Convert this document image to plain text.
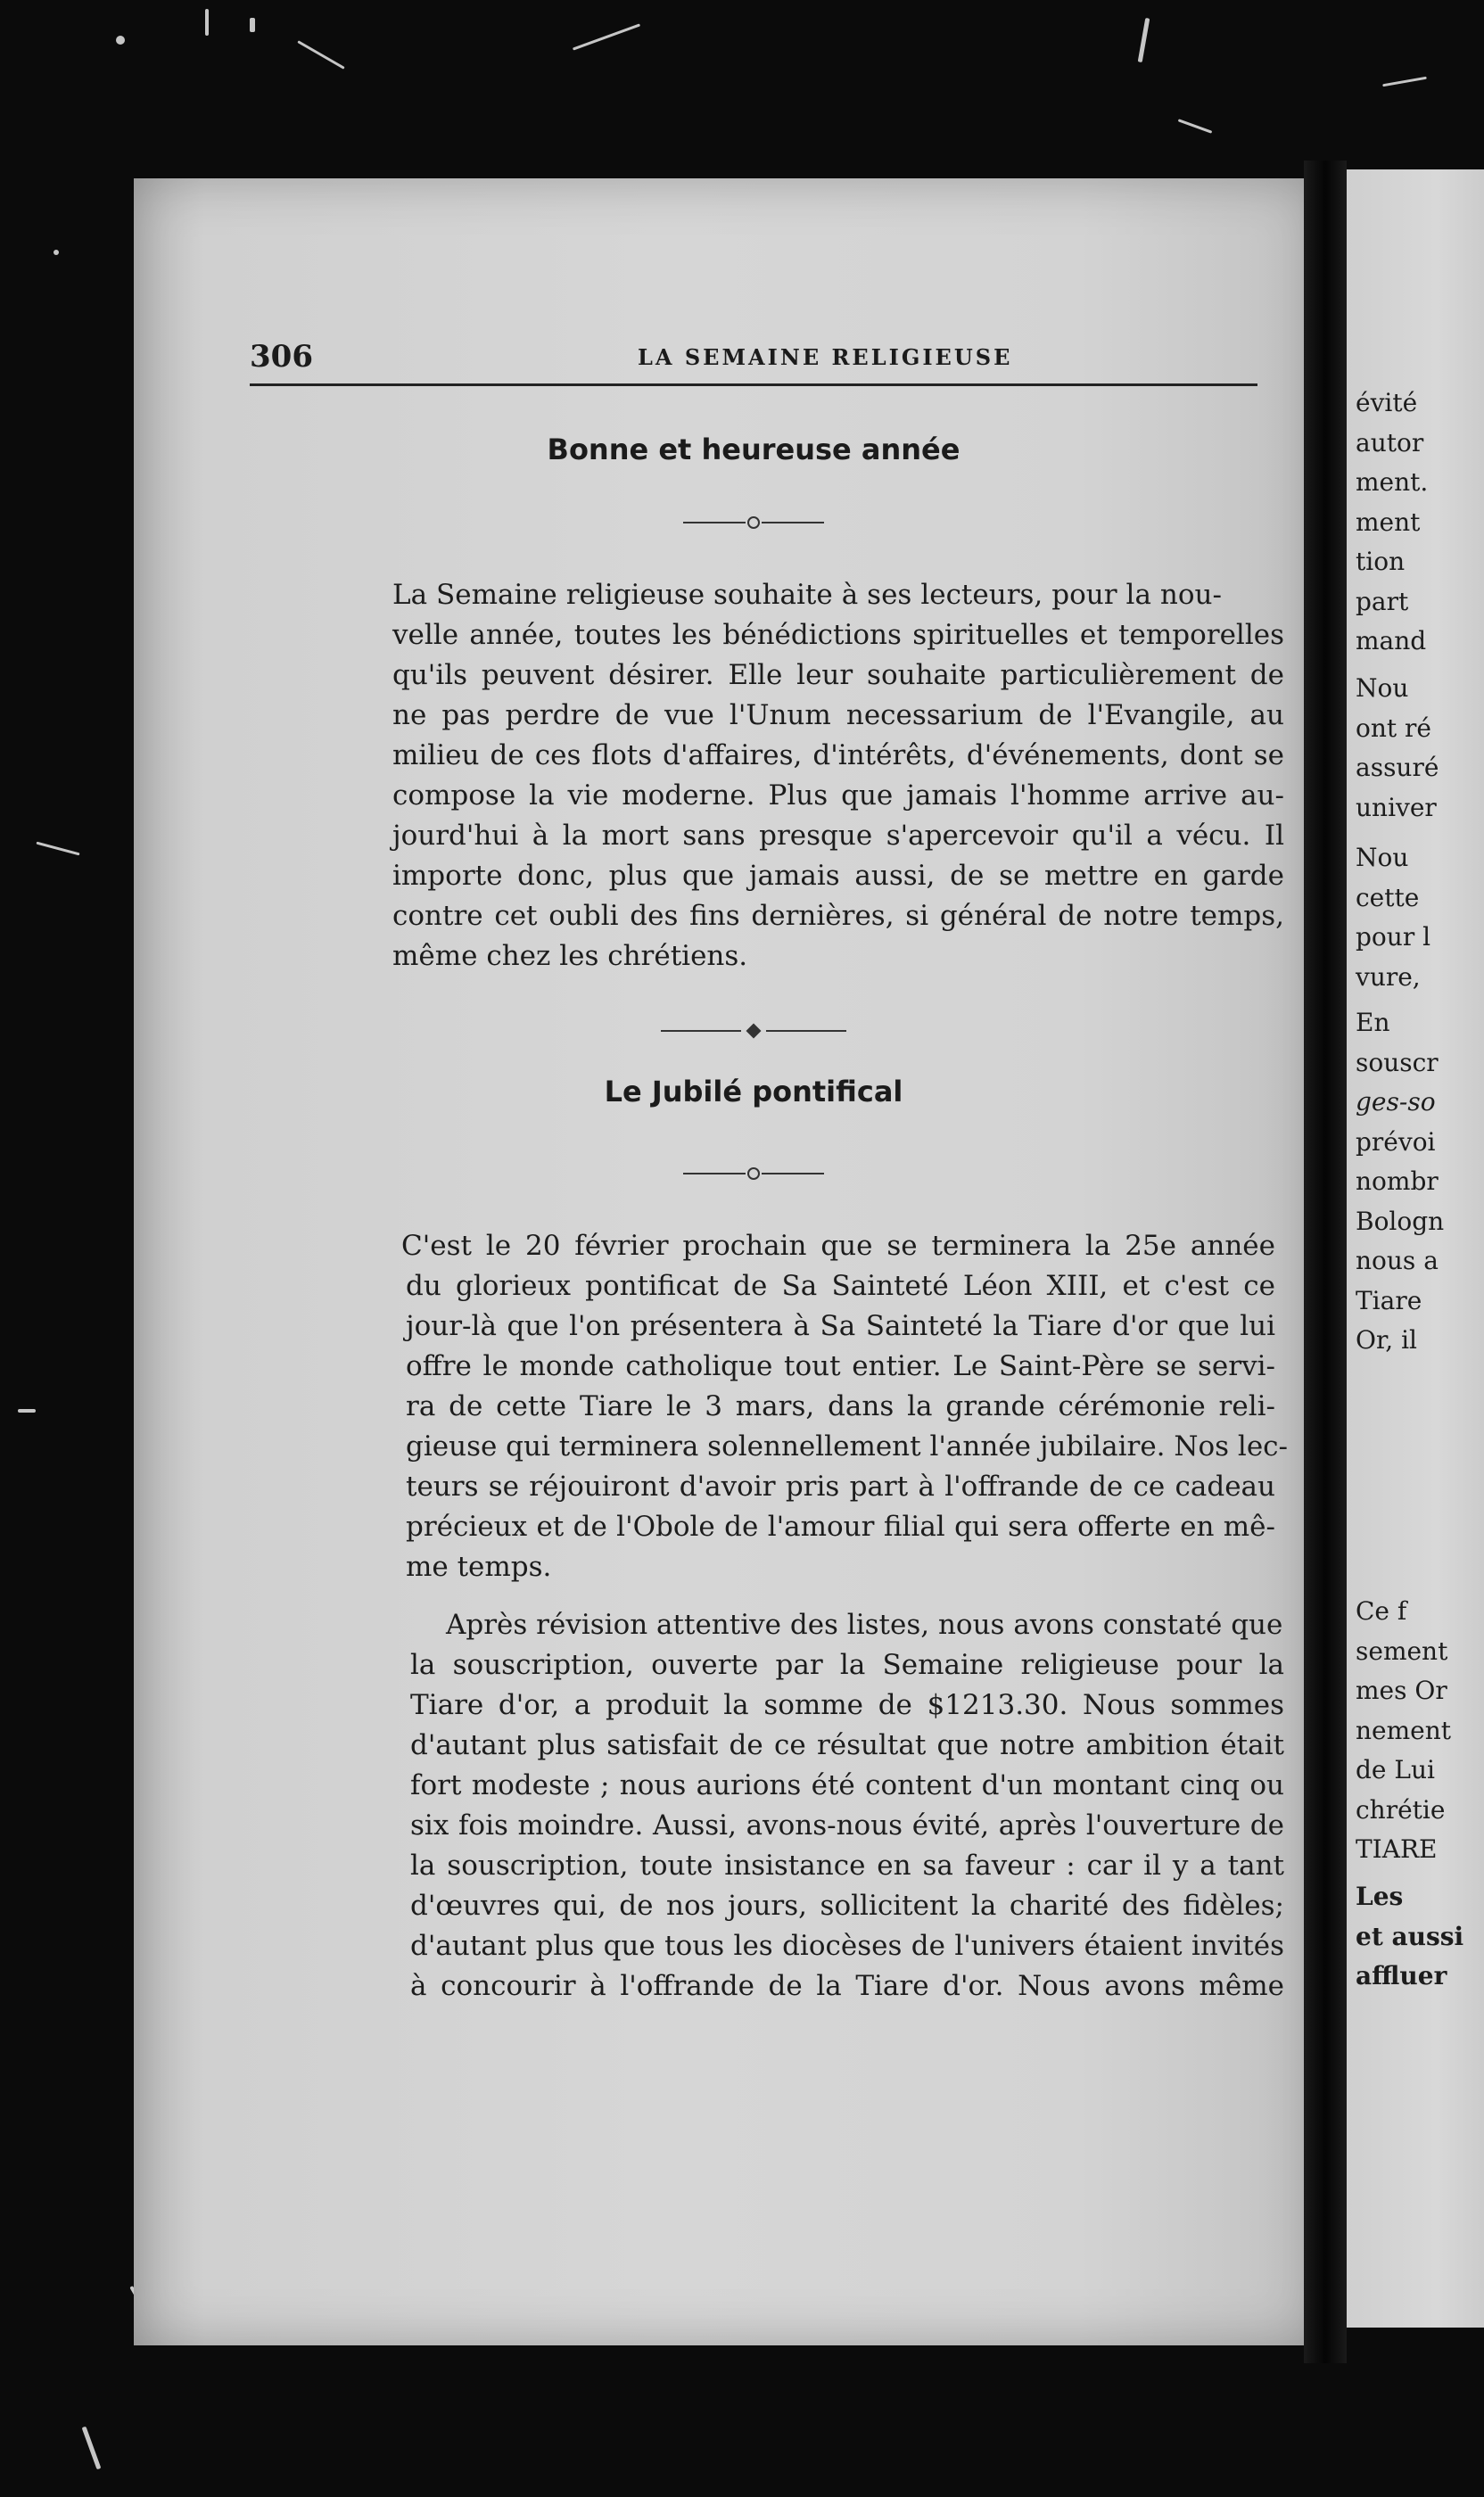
évité
autor
ment.
ment
tion
part
mand
Nou
ont ré
assuré
univer
Nou
cette
pour l
vure,
En
souscr
ges-so
prévoi
nombr
Bologn
nous a
Tiare
Or, il
Ce f
sement
mes Or
nement
de Lui
chrétie
TIARE
Les
et aussi
affluer
306	LA SEMAINE RELIGIEUSE
Bonne et heureuse année
La Semaine religieuse souhaite à ses lecteurs, pour la nou-
velle année, toutes les bénédictions spirituelles et temporelles
qu'ils peuvent désirer. Elle leur souhaite particulièrement de
ne pas perdre de vue l'Unum necessarium de l'Evangile, au
milieu de ces flots d'affaires, d'intérêts, d'événements, dont se
compose la vie moderne. Plus que jamais l'homme arrive au-
jourd'hui à la mort sans presque s'apercevoir qu'il a vécu. Il
importe donc, plus que jamais aussi, de se mettre en garde
contre cet oubli des fins dernières, si général de notre temps,
même chez les chrétiens.
Le Jubilé pontifical
C'est le 20 février prochain que se terminera la 25e année
du glorieux pontificat de Sa Sainteté Léon XIII, et c'est ce
jour-là que l'on présentera à Sa Sainteté la Tiare d'or que lui
offre le monde catholique tout entier. Le Saint-Père se servi-
ra de cette Tiare le 3 mars, dans la grande cérémonie reli-
gieuse qui terminera solennellement l'année jubilaire. Nos lec-
teurs se réjouiront d'avoir pris part à l'offrande de ce cadeau
précieux et de l'Obole de l'amour filial qui sera offerte en mê-
me temps.
Après révision attentive des listes, nous avons constaté que
la souscription, ouverte par la Semaine religieuse pour la
Tiare d'or, a produit la somme de $1213.30. Nous sommes
d'autant plus satisfait de ce résultat que notre ambition était
fort modeste ; nous aurions été content d'un montant cinq ou
six fois moindre. Aussi, avons-nous évité, après l'ouverture de
la souscription, toute insistance en sa faveur : car il y a tant
d'œuvres qui, de nos jours, sollicitent la charité des fidèles;
d'autant plus que tous les diocèses de l'univers étaient invités
à concourir à l'offrande de la Tiare d'or. Nous avons même
